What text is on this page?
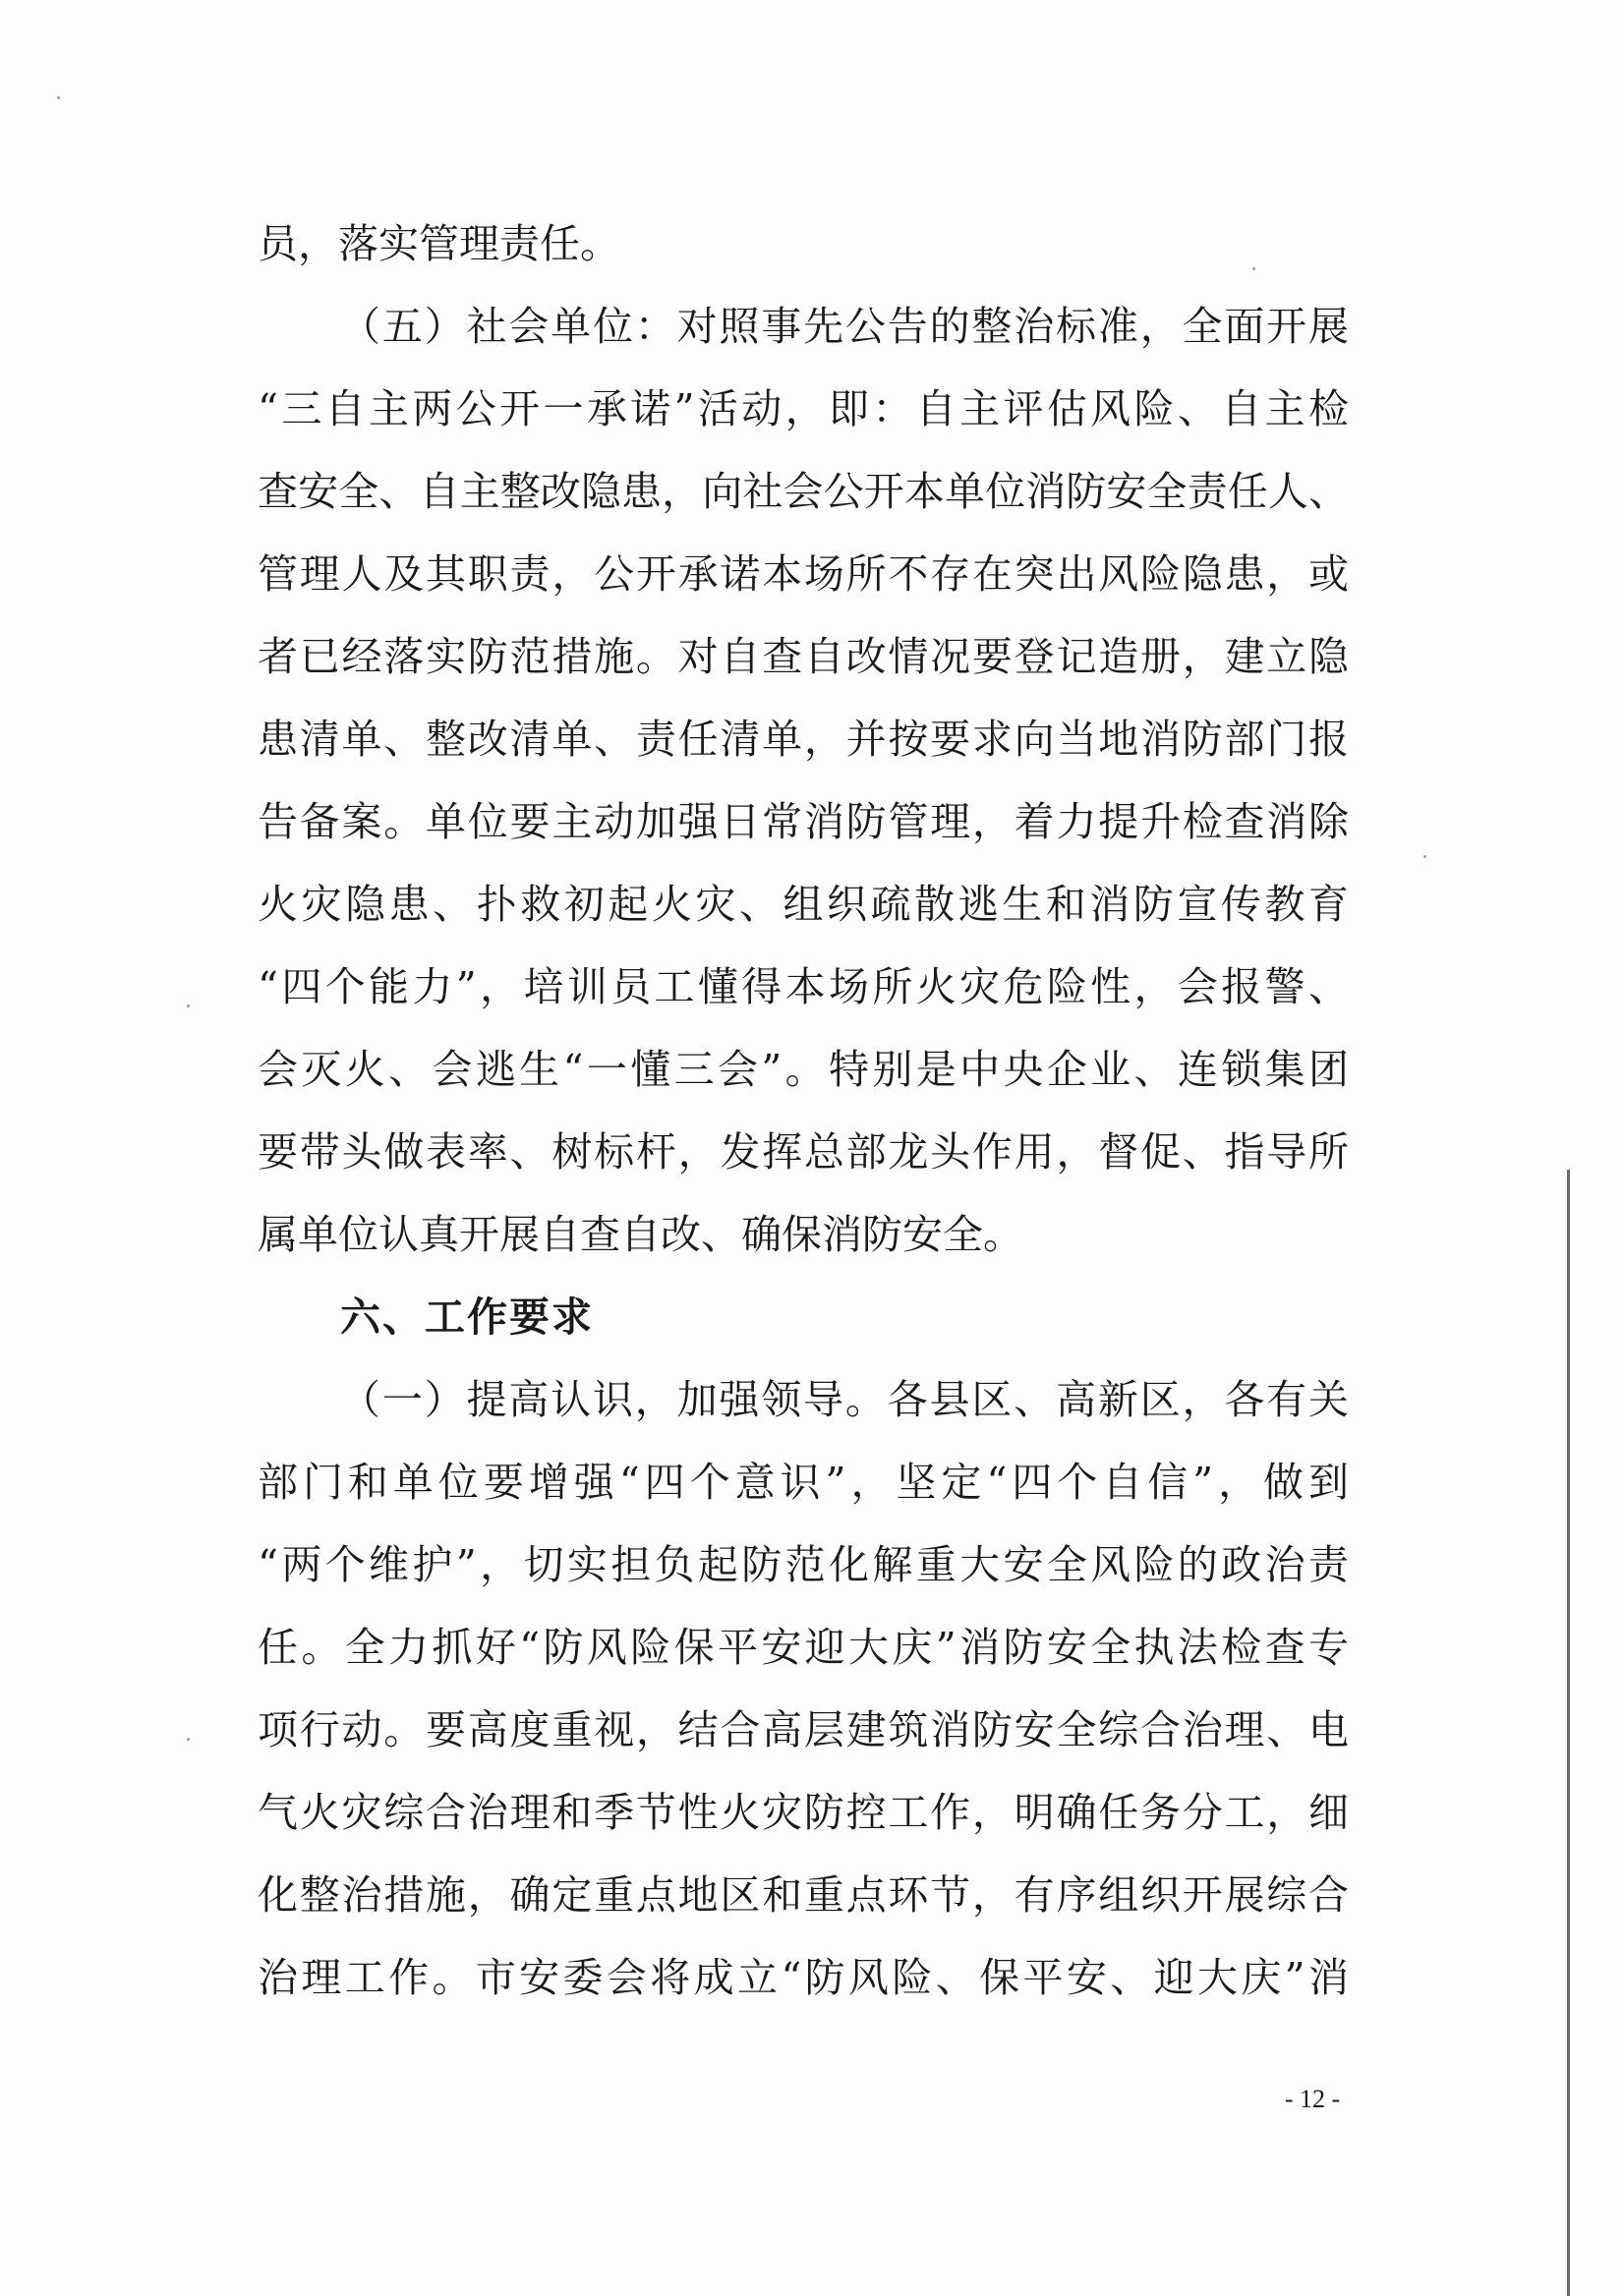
员，落实管理责任。
（五）社会单位：对照事先公告的整治标准，全面开展
“三自主两公开一承诺”活动，即：自主评估风险、自主检
查安全、自主整改隐患，向社会公开本单位消防安全责任人、
管理人及其职责，公开承诺本场所不存在突出风险隐患，或
者已经落实防范措施。对自查自改情况要登记造册，建立隐
患清单、整改清单、责任清单，并按要求向当地消防部门报
告备案。单位要主动加强日常消防管理，着力提升检查消除
火灾隐患、扑救初起火灾、组织疏散逃生和消防宣传教育
“四个能力”，培训员工懂得本场所火灾危险性，会报警、
会灭火、会逃生“一懂三会”。特别是中央企业、连锁集团
要带头做表率、树标杆，发挥总部龙头作用，督促、指导所
属单位认真开展自查自改、确保消防安全。
六、工作要求
（一）提高认识，加强领导。各县区、高新区，各有关
部门和单位要增强“四个意识”，坚定“四个自信”，做到
“两个维护”，切实担负起防范化解重大安全风险的政治责
任。全力抓好“防风险保平安迎大庆”消防安全执法检查专
项行动。要高度重视，结合高层建筑消防安全综合治理、电
气火灾综合治理和季节性火灾防控工作，明确任务分工，细
化整治措施，确定重点地区和重点环节，有序组织开展综合
治理工作。市安委会将成立“防风险、保平安、迎大庆”消
- 12 -
